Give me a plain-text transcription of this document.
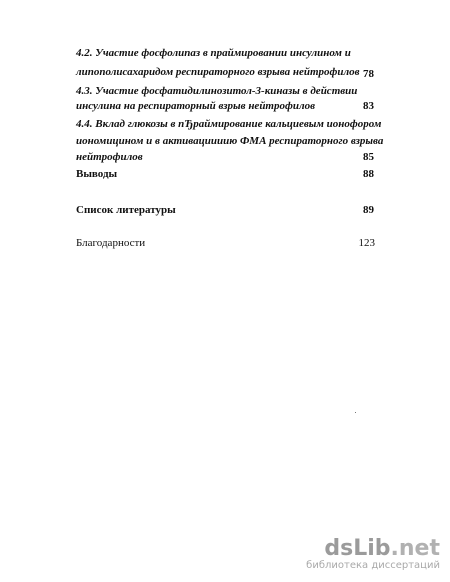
4.2. Участие фосфолипаз в праймировании инсулином и
липополисахаридом респираторного взрыва нейтрофилов 78
4.3. Участие фосфатидилинозитол-3-киназы в действии
инсулина на респираторный взрыв нейтрофилов	83
4.4. Вклад глюкозы в пЂраймирование кальциевым ионофором
иономицином и в активациииию ФМА респираторного взрыва
нейтрофилов	85
Выводы	88
Список литературы	89
Благодарности	123
dsLib.net
библиотека диссертаций
